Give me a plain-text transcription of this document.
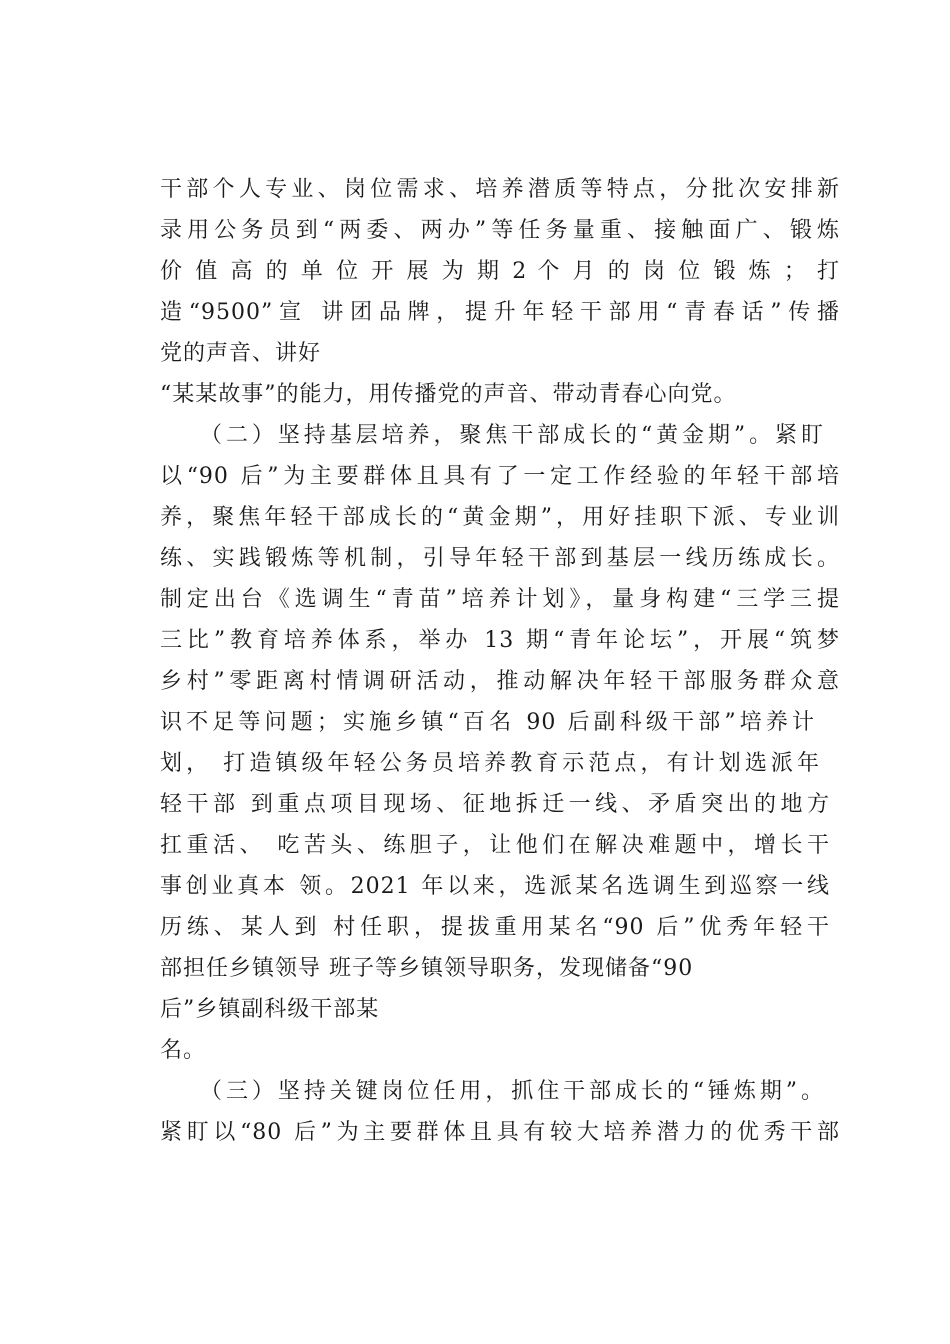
干部个人专业、岗位需求、培养潜质等特点，分批次安排新
录用公务员到“两委、两办”等任务量重、接触面广、锻炼
价 值 高 的 单 位 开 展 为 期 2 个 月 的 岗 位 锻 炼 ； 打
造“9500”宣 讲团品牌，提升年轻干部用“青春话”传播
党的声音、讲好
“某某故事”的能力，用传播党的声音、带动青春心向党。
（二）坚持基层培养，聚焦干部成长的“黄金期”。紧盯
以“90 后”为主要群体且具有了一定工作经验的年轻干部培
养，聚焦年轻干部成长的“黄金期”，用好挂职下派、专业训
练、实践锻炼等机制，引导年轻干部到基层一线历练成长。
制定出台《选调生“青苗”培养计划》，量身构建“三学三提
三比”教育培养体系，举办 13 期“青年论坛”，开展“筑梦
乡村”零距离村情调研活动，推动解决年轻干部服务群众意
识不足等问题；实施乡镇“百名 90 后副科级干部”培养计
划， 打造镇级年轻公务员培养教育示范点，有计划选派年
轻干部 到重点项目现场、征地拆迁一线、矛盾突出的地方
扛重活、 吃苦头、练胆子，让他们在解决难题中，增长干
事创业真本 领。2021 年以来，选派某名选调生到巡察一线
历练、某人到 村任职，提拔重用某名“90 后”优秀年轻干
部担任乡镇领导 班子等乡镇领导职务，发现储备“90
后”乡镇副科级干部某
名。
（三）坚持关键岗位任用，抓住干部成长的“锤炼期”。
紧盯以“80 后”为主要群体且具有较大培养潜力的优秀干部
